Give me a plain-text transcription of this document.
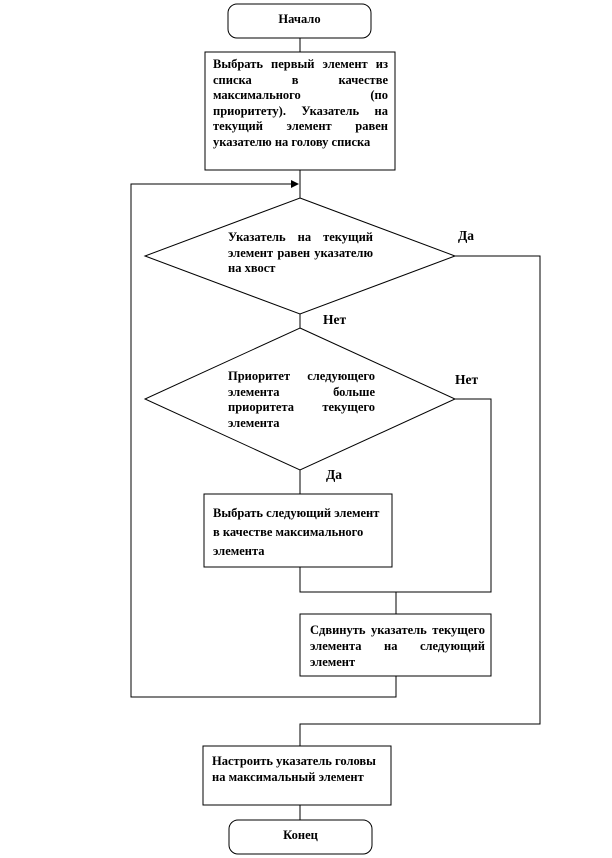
Начало
Выбрать первый элемент из списка в качестве максимального (по приоритету). Указатель на текущий элемент равен указателю на голову списка
Указатель на текущий элемент равен указателю на хвост
Приоритет следующего элемента больше приоритета текущего элемента
Выбрать следующий элемент в качестве максимального элемента
Сдвинуть указатель текущего элемента на следующий элемент
Настроить указатель головы на максимальный элемент
Конец
Да
Нет
Нет
Да
